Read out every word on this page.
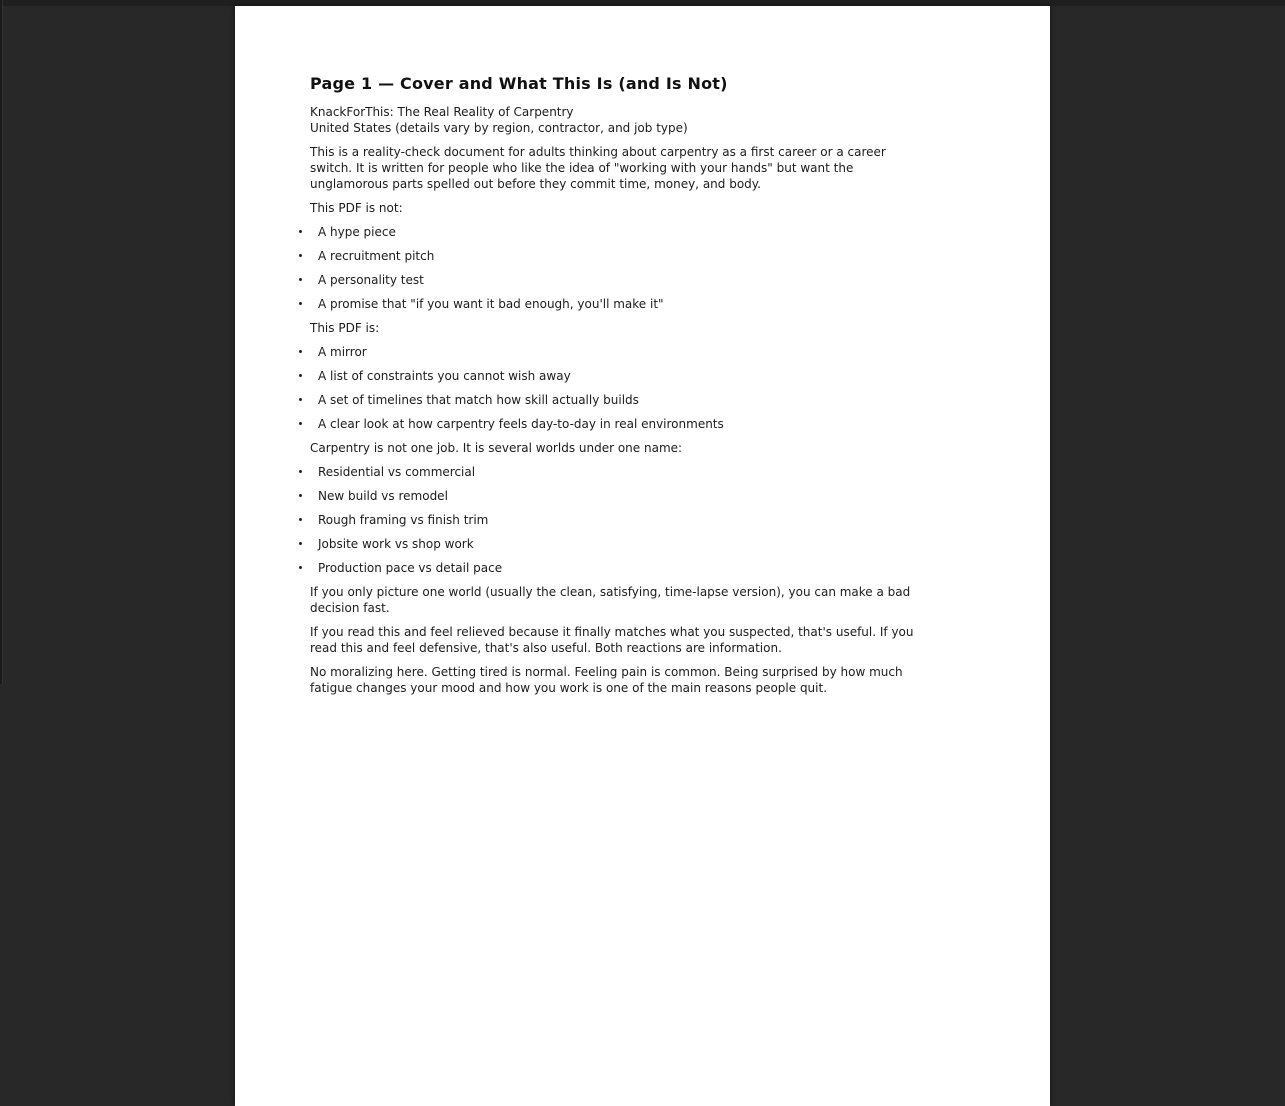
Page 1 — Cover and What This Is (and Is Not)
KnackForThis: The Real Reality of Carpentry
United States (details vary by region, contractor, and job type)
This is a reality-check document for adults thinking about carpentry as a first career or a career
switch. It is written for people who like the idea of "working with your hands" but want the
unglamorous parts spelled out before they commit time, money, and body.
This PDF is not:
A hype piece
A recruitment pitch
A personality test
A promise that "if you want it bad enough, you'll make it"
This PDF is:
A mirror
A list of constraints you cannot wish away
A set of timelines that match how skill actually builds
A clear look at how carpentry feels day-to-day in real environments
Carpentry is not one job. It is several worlds under one name:
Residential vs commercial
New build vs remodel
Rough framing vs finish trim
Jobsite work vs shop work
Production pace vs detail pace
If you only picture one world (usually the clean, satisfying, time-lapse version), you can make a bad
decision fast.
If you read this and feel relieved because it finally matches what you suspected, that's useful. If you
read this and feel defensive, that's also useful. Both reactions are information.
No moralizing here. Getting tired is normal. Feeling pain is common. Being surprised by how much
fatigue changes your mood and how you work is one of the main reasons people quit.
